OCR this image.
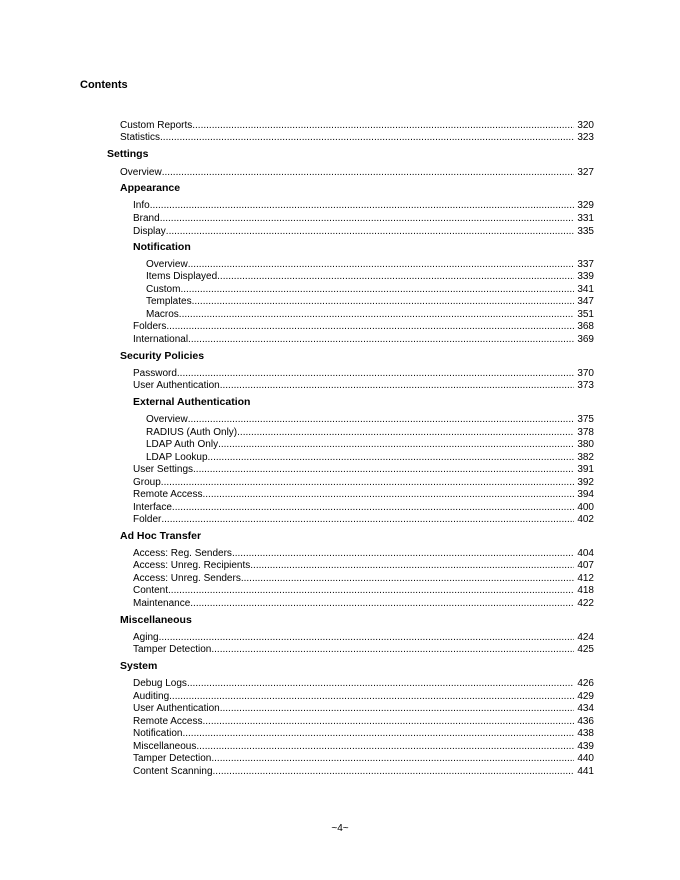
Contents
Custom Reports .....	320
Statistics .....	323
Settings
Overview .....	327
Appearance
Info .....	329
Brand .....	331
Display .....	335
Notification
Overview .....	337
Items Displayed .....	339
Custom .....	341
Templates .....	347
Macros .....	351
Folders .....	368
International .....	369
Security Policies
Password .....	370
User Authentication .....	373
External Authentication
Overview .....	375
RADIUS (Auth Only) .....	378
LDAP Auth Only .....	380
LDAP Lookup .....	382
User Settings .....	391
Group .....	392
Remote Access .....	394
Interface .....	400
Folder .....	402
Ad Hoc Transfer
Access: Reg. Senders .....	404
Access: Unreg. Recipients .....	407
Access: Unreg. Senders .....	412
Content .....	418
Maintenance .....	422
Miscellaneous
Aging .....	424
Tamper Detection .....	425
System
Debug Logs .....	426
Auditing .....	429
User Authentication .....	434
Remote Access .....	436
Notification .....	438
Miscellaneous .....	439
Tamper Detection .....	440
Content Scanning .....	441
~4~
